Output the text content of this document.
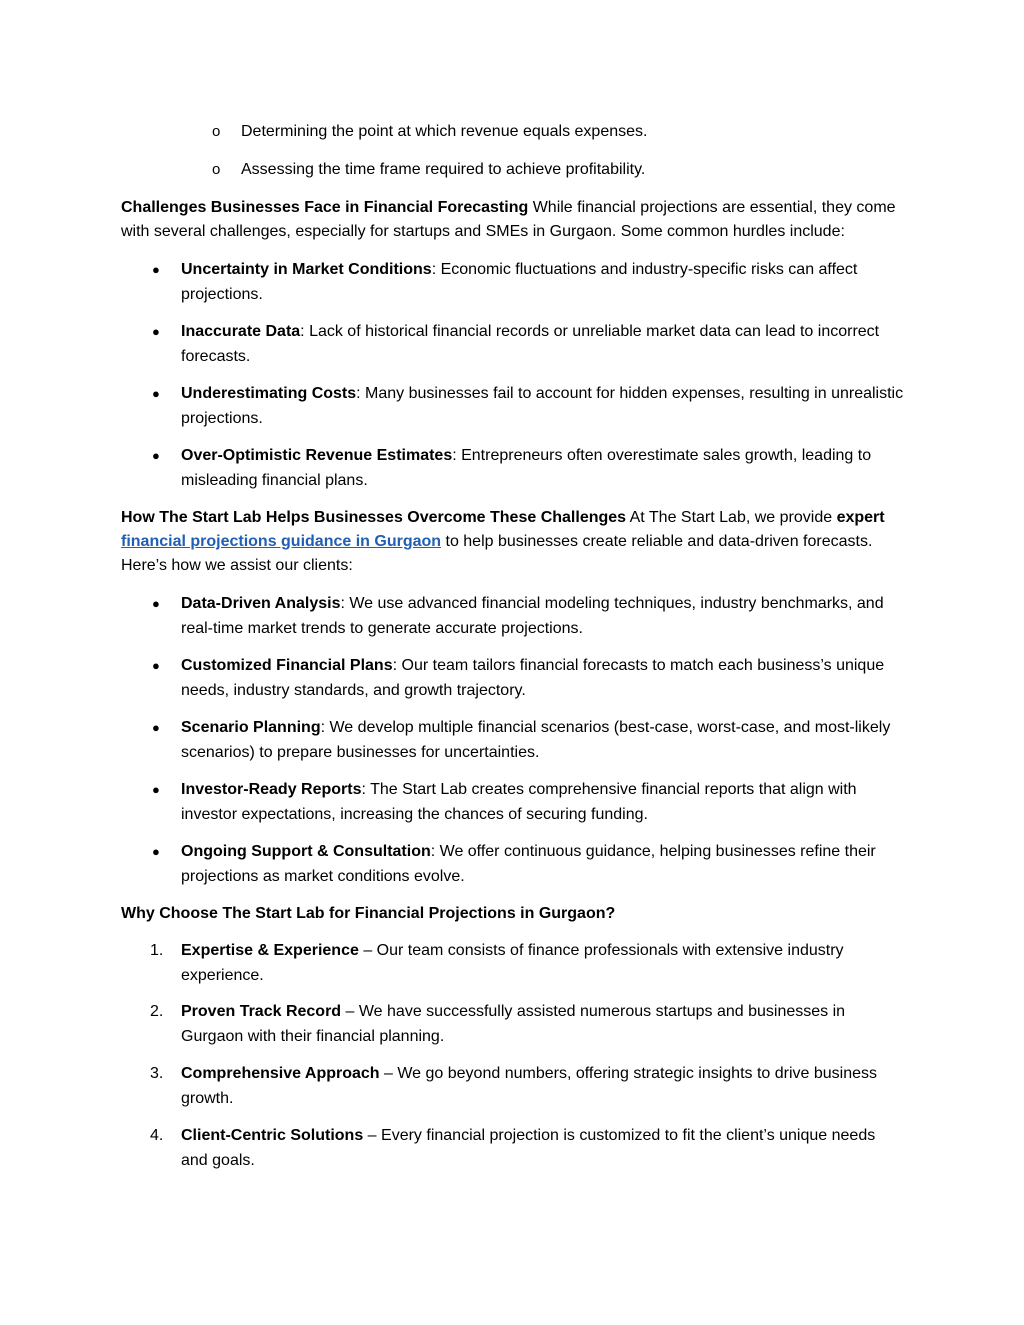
o Determining the point at which revenue equals expenses.
o Assessing the time frame required to achieve profitability.
Challenges Businesses Face in Financial Forecasting While financial projections are essential, they come with several challenges, especially for startups and SMEs in Gurgaon. Some common hurdles include:
●	Uncertainty in Market Conditions: Economic fluctuations and industry-specific risks can affect projections.
●	Inaccurate Data: Lack of historical financial records or unreliable market data can lead to incorrect forecasts.
●	Underestimating Costs: Many businesses fail to account for hidden expenses, resulting in unrealistic projections.
●	Over-Optimistic Revenue Estimates: Entrepreneurs often overestimate sales growth, leading to misleading financial plans.
How The Start Lab Helps Businesses Overcome These Challenges At The Start Lab, we provide expert
financial projections guidance in Gurgaon to help businesses create reliable and data-driven forecasts. Here’s how we assist our clients:
●	Data-Driven Analysis: We use advanced financial modeling techniques, industry benchmarks, and real-time market trends to generate accurate projections.
●	Customized Financial Plans: Our team tailors financial forecasts to match each business’s unique needs, industry standards, and growth trajectory.
●	Scenario Planning: We develop multiple financial scenarios (best-case, worst-case, and most-likely scenarios) to prepare businesses for uncertainties.
●	Investor-Ready Reports: The Start Lab creates comprehensive financial reports that align with investor expectations, increasing the chances of securing funding.
●	Ongoing Support & Consultation: We offer continuous guidance, helping businesses refine their projections as market conditions evolve.
Why Choose The Start Lab for Financial Projections in Gurgaon?
1.	Expertise & Experience – Our team consists of finance professionals with extensive industry experience.
2.	Proven Track Record – We have successfully assisted numerous startups and businesses in Gurgaon with their financial planning.
3.	Comprehensive Approach – We go beyond numbers, offering strategic insights to drive business growth.
4.	Client-Centric Solutions – Every financial projection is customized to fit the client’s unique needs and goals.
